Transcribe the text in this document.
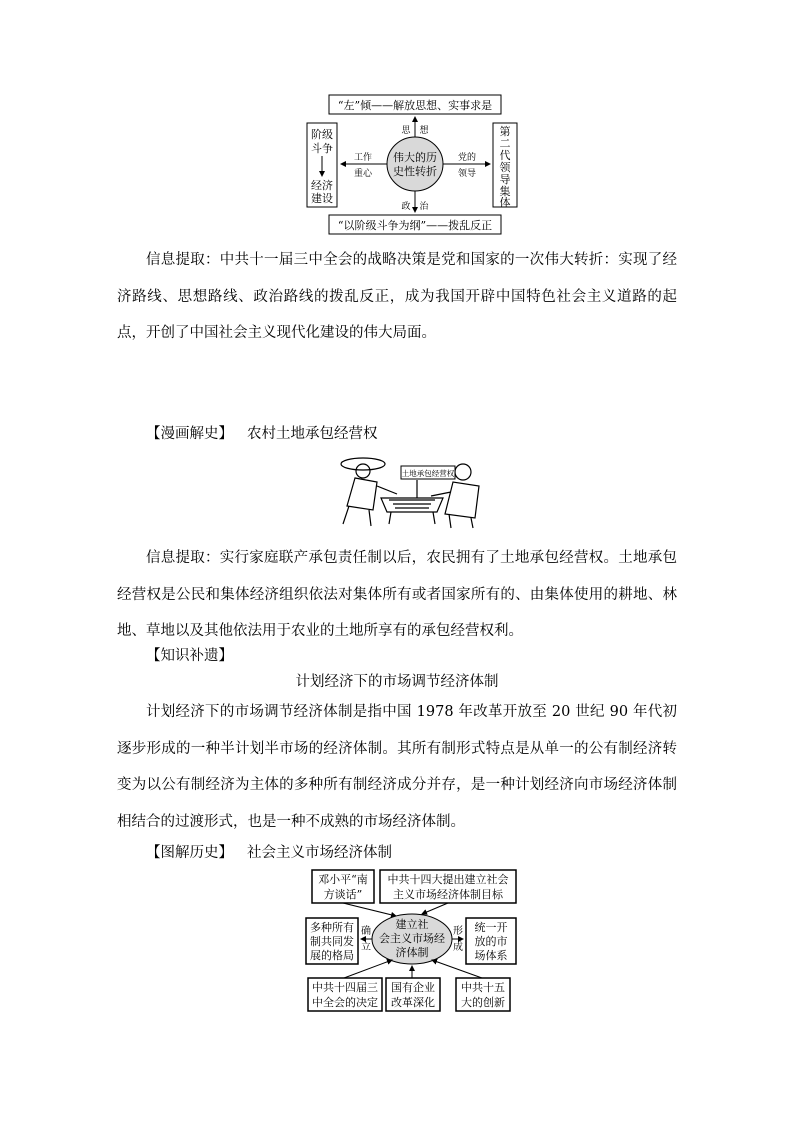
“左”倾——解放思想、实事求是
“以阶级斗争为纲”——拨乱反正
阶级
斗争
经济
建设
第
二
代
领
导
集
体
伟大的历
史性转折
思　想
政　治
工作
重心
党的
领导
信息提取：中共十一届三中全会的战略决策是党和国家的一次伟大转折：实现了经济路线、思想路线、政治路线的拨乱反正，成为我国开辟中国特色社会主义道路的起点，开创了中国社会主义现代化建设的伟大局面。
【漫画解史】 农村土地承包经营权
土地承包经营权
信息提取：实行家庭联产承包责任制以后，农民拥有了土地承包经营权。土地承包经营权是公民和集体经济组织依法对集体所有或者国家所有的、由集体使用的耕地、林地、草地以及其他依法用于农业的土地所享有的承包经营权利。
【知识补遗】
计划经济下的市场调节经济体制
计划经济下的市场调节经济体制是指中国 1978 年改革开放至 20 世纪 90 年代初逐步形成的一种半计划半市场的经济体制。其所有制形式特点是从单一的公有制经济转变为以公有制经济为主体的多种所有制经济成分并存，是一种计划经济向市场经济体制相结合的过渡形式，也是一种不成熟的市场经济体制。
【图解历史】 社会主义市场经济体制
邓小平“南
方谈话”
中共十四大提出建立社会
主义市场经济体制目标
建立社
会主义市场经
济体制
多种所有
制共同发
展的格局
确
立
统一开
放的市
场体系
形
成
中共十四届三
中全会的决定
国有企业
改革深化
中共十五
大的创新
